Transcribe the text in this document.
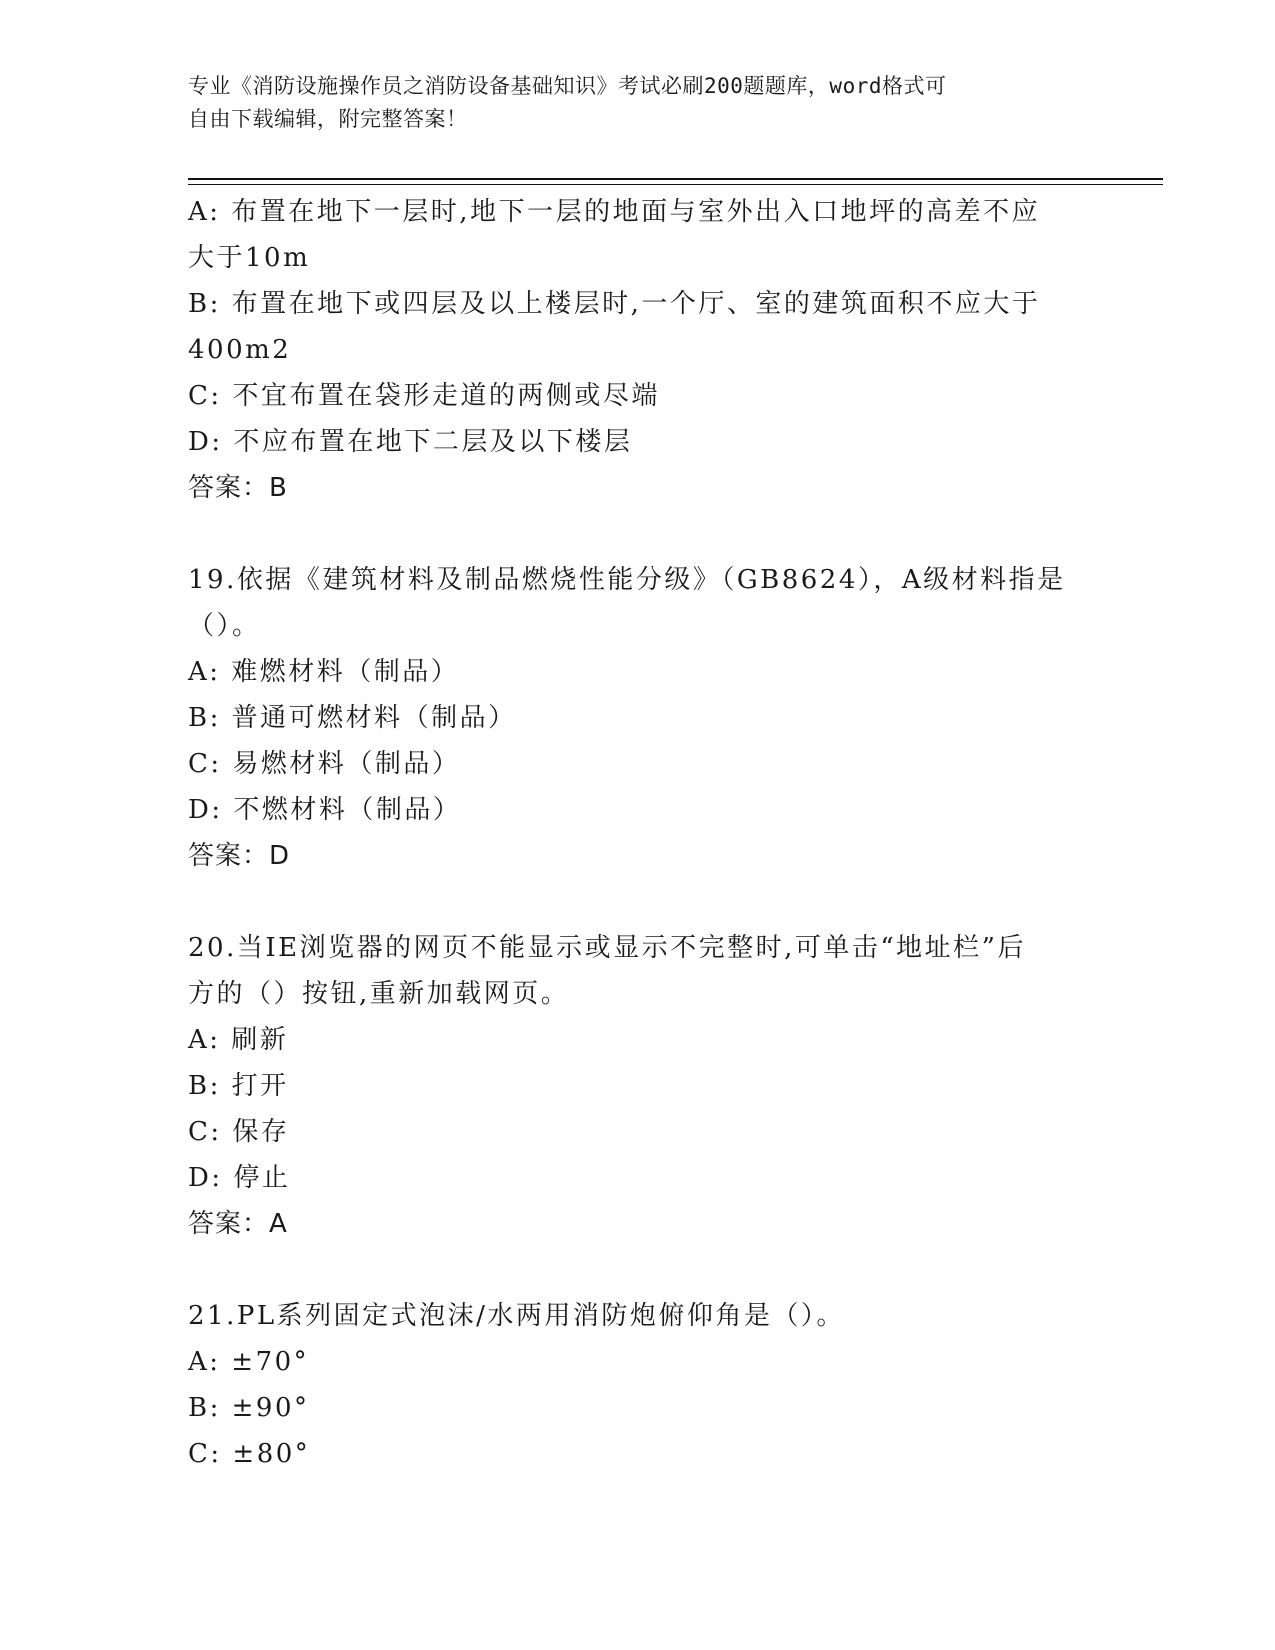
专业《消防设施操作员之消防设备基础知识》考试必刷200题题库，word格式可
自由下载编辑，附完整答案！
A: 布置在地下一层时,地下一层的地面与室外出入口地坪的高差不应
大于10m
B: 布置在地下或四层及以上楼层时,一个厅、室的建筑面积不应大于
400m2
C: 不宜布置在袋形走道的两侧或尽端
D: 不应布置在地下二层及以下楼层
答案：B
19.依据《建筑材料及制品燃烧性能分级》（GB8624），A级材料指是
（）。
A: 难燃材料（制品）
B: 普通可燃材料（制品）
C: 易燃材料（制品）
D: 不燃材料（制品）
答案：D
20.当IE浏览器的网页不能显示或显示不完整时,可单击“地址栏”后
方的（）按钮,重新加载网页。
A: 刷新
B: 打开
C: 保存
D: 停止
答案：A
21.PL系列固定式泡沫/水两用消防炮俯仰角是（）。
A: ±70°
B: ±90°
C: ±80°
